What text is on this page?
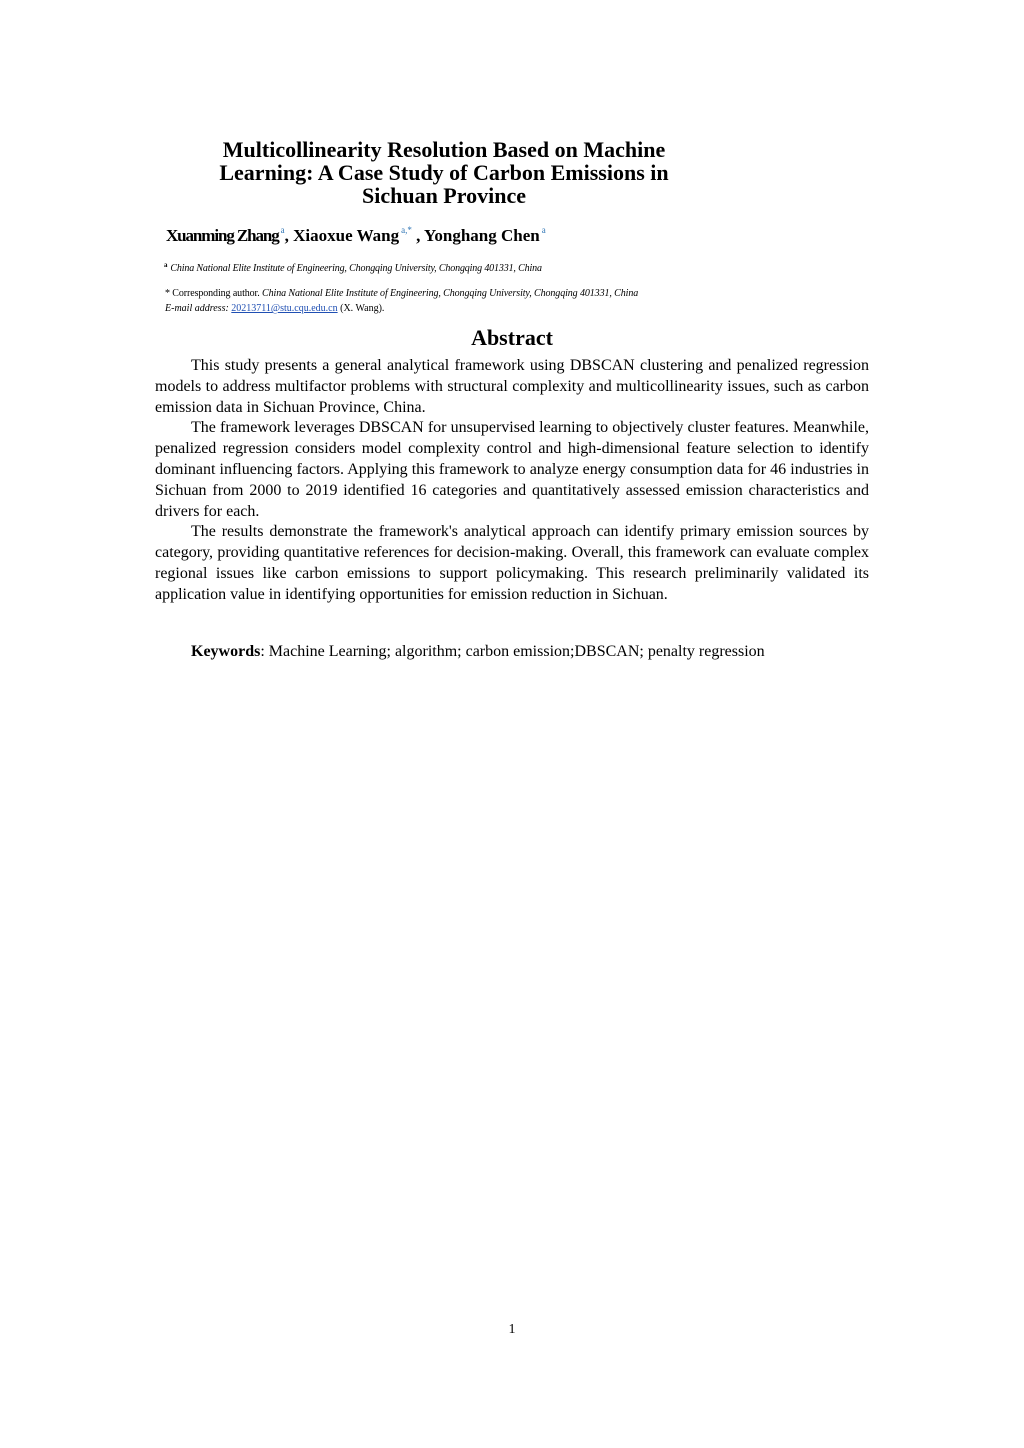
Multicollinearity Resolution Based on Machine
Learning: A Case Study of Carbon Emissions in
Sichuan Province
Xuanming Zhang $^a$, Xiaoxue Wang $^{a,*}$ , Yonghang Chen $^a$
$^a$ China National Elite Institute of Engineering, Chongqing University, Chongqing 401331, China
* Corresponding author. China National Elite Institute of Engineering, Chongqing University, Chongqing 401331, China
E-mail address: 20213711@stu.cqu.edu.cn (X. Wang).
Abstract

This study presents a general analytical framework using DBSCAN clustering and penalized regression models to address multifactor problems with structural complexity and multicollinearity issues, such as carbon emission data in Sichuan Province, China.

The framework leverages DBSCAN for unsupervised learning to objectively cluster features. Meanwhile, penalized regression considers model complexity control and high-dimensional feature selection to identify dominant influencing factors. Applying this framework to analyze energy consumption data for 46 industries in Sichuan from 2000 to 2019 identified 16 categories and quantitatively assessed emission characteristics and drivers for each.

The results demonstrate the framework's analytical approach can identify primary emission sources by category, providing quantitative references for decision-making. Overall, this framework can evaluate complex regional issues like carbon emissions to support policymaking. This research preliminarily validated its application value in identifying opportunities for emission reduction in Sichuan.

Keywords: Machine Learning; algorithm; carbon emission;DBSCAN; penalty regression
1
